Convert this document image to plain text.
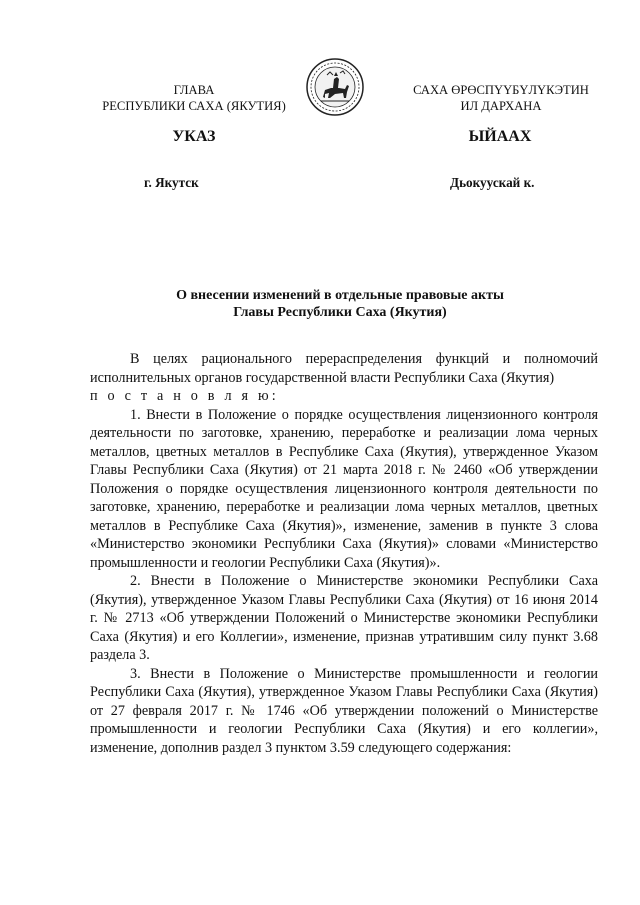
ГЛАВА
РЕСПУБЛИКИ САХА (ЯКУТИЯ)
САХА ӨРӨСПҮҮБҮЛҮКЭТИН
ИЛ ДАРХАНА
УКАЗ	ЫЙААХ
г. Якутск	Дьокуускай к.
О внесении изменений в отдельные правовые акты
Главы Республики Саха (Якутия)

В целях рационального перераспределения функций и полномочий исполнительных органов государственной власти Республики Саха (Якутия)

п о с т а н о в л я ю:

1. Внести в Положение о порядке осуществления лицензионного контроля деятельности по заготовке, хранению, переработке и реализации лома черных металлов, цветных металлов в Республике Саха (Якутия), утвержденное Указом Главы Республики Саха (Якутия) от 21 марта 2018 г. № 2460 «Об утверждении Положения о порядке осуществления лицензионного контроля деятельности по заготовке, хранению, переработке и реализации лома черных металлов, цветных металлов в Республике Саха (Якутия)», изменение, заменив в пункте 3 слова «Министерство экономики Республики Саха (Якутия)» словами «Министерство промышленности и геологии Республики Саха (Якутия)».

2. Внести в Положение о Министерстве экономики Республики Саха (Якутия), утвержденное Указом Главы Республики Саха (Якутия) от 16 июня 2014 г. № 2713 «Об утверждении Положений о Министерстве экономики Республики Саха (Якутия) и его Коллегии», изменение, признав утратившим силу пункт 3.68 раздела 3.

3. Внести в Положение о Министерстве промышленности и геологии Республики Саха (Якутия), утвержденное Указом Главы Республики Саха (Якутия) от 27 февраля 2017 г. № 1746 «Об утверждении положений о Министерстве промышленности и геологии Республики Саха (Якутия) и его коллегии», изменение, дополнив раздел 3 пунктом 3.59 следующего содержания:
